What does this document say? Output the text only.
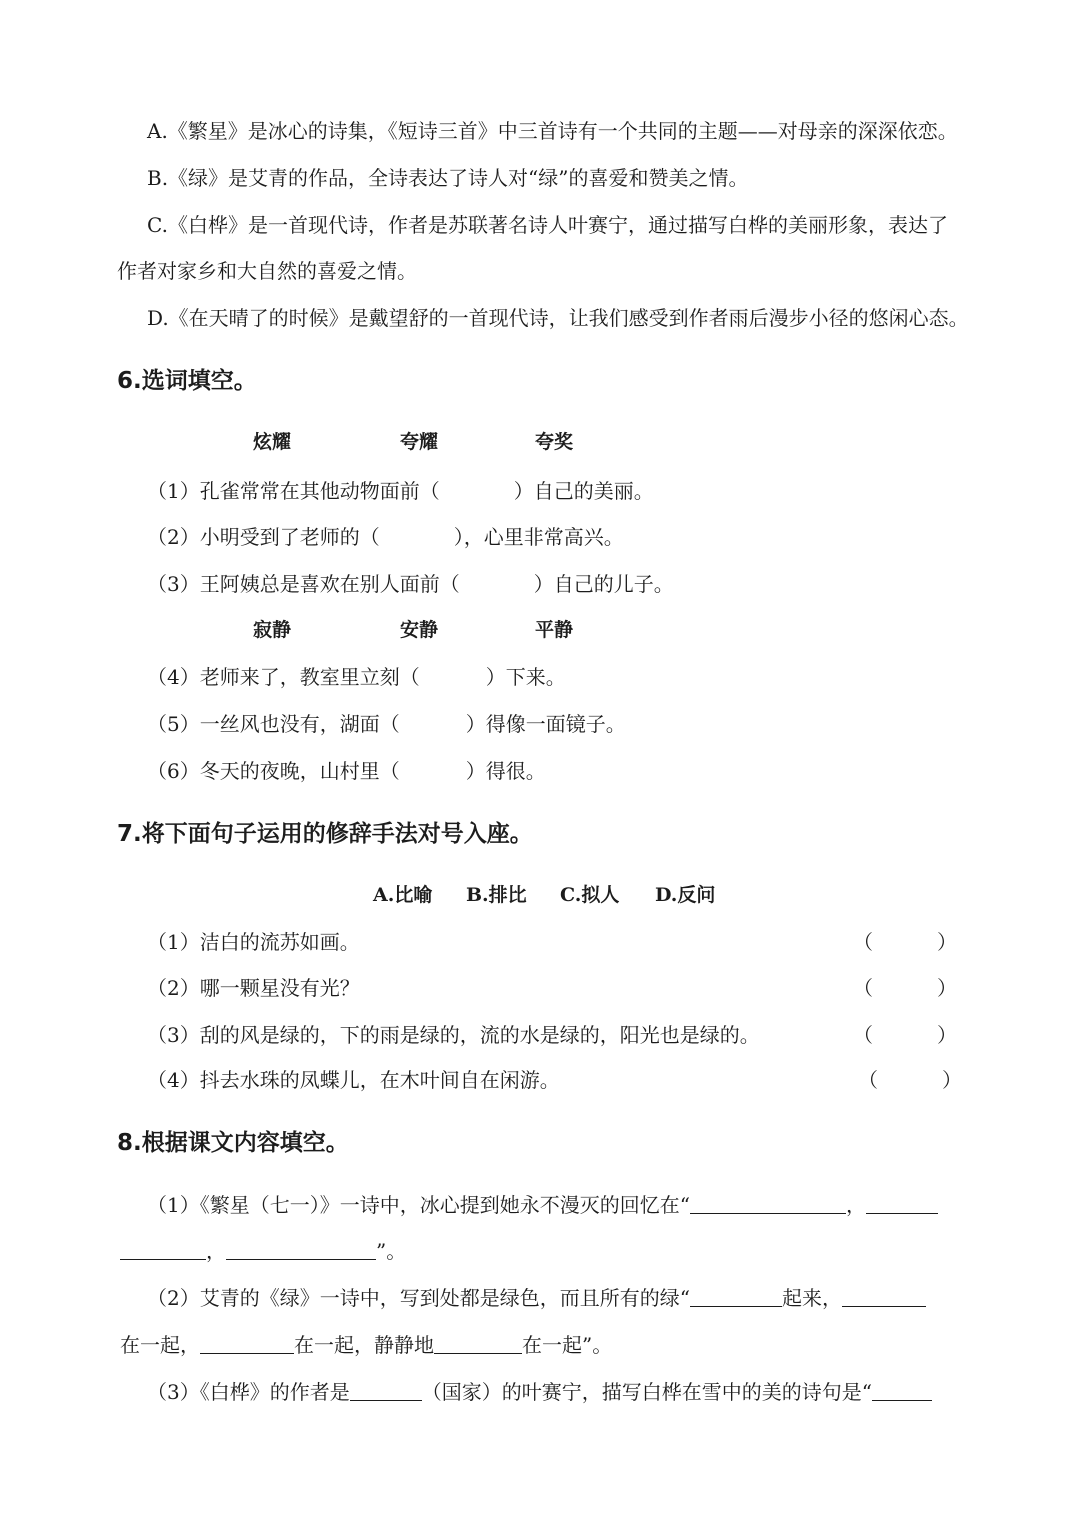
A.《繁星》是冰心的诗集，《短诗三首》中三首诗有一个共同的主题——对母亲的深深依恋。
B.《绿》是艾青的作品，全诗表达了诗人对“绿”的喜爱和赞美之情。
C.《白桦》是一首现代诗，作者是苏联著名诗人叶赛宁，通过描写白桦的美丽形象，表达了
作者对家乡和大自然的喜爱之情。
D.《在天晴了的时候》是戴望舒的一首现代诗，让我们感受到作者雨后漫步小径的悠闲心态。
6.选词填空。
炫耀	夸耀	夸奖
（1）孔雀常常在其他动物面前（	）自己的美丽。
（2）小明受到了老师的（	），心里非常高兴。
（3）王阿姨总是喜欢在别人面前（	）自己的儿子。
寂静	安静	平静
（4）老师来了，教室里立刻（	）下来。
（5）一丝风也没有，湖面（	）得像一面镜子。
（6）冬天的夜晚，山村里（	）得很。
7.将下面句子运用的修辞手法对号入座。
A.比喻 B.排比 C.拟人 D.反问
（1）洁白的流苏如画。	（	）
（2）哪一颗星没有光？	（	）
（3）刮的风是绿的，下的雨是绿的，流的水是绿的，阳光也是绿的。	（	）
（4）抖去水珠的凤蝶儿，在木叶间自在闲游。	（	）
8.根据课文内容填空。
（1）《繁星（七一）》一诗中，冰心提到她永不漫灭的回忆在“	，
，	”。
（2）艾青的《绿》一诗中，写到处都是绿色，而且所有的绿“	起来，
在一起，	在一起，静静地	在一起”。
（3）《白桦》的作者是	（国家）的叶赛宁，描写白桦在雪中的美的诗句是“
